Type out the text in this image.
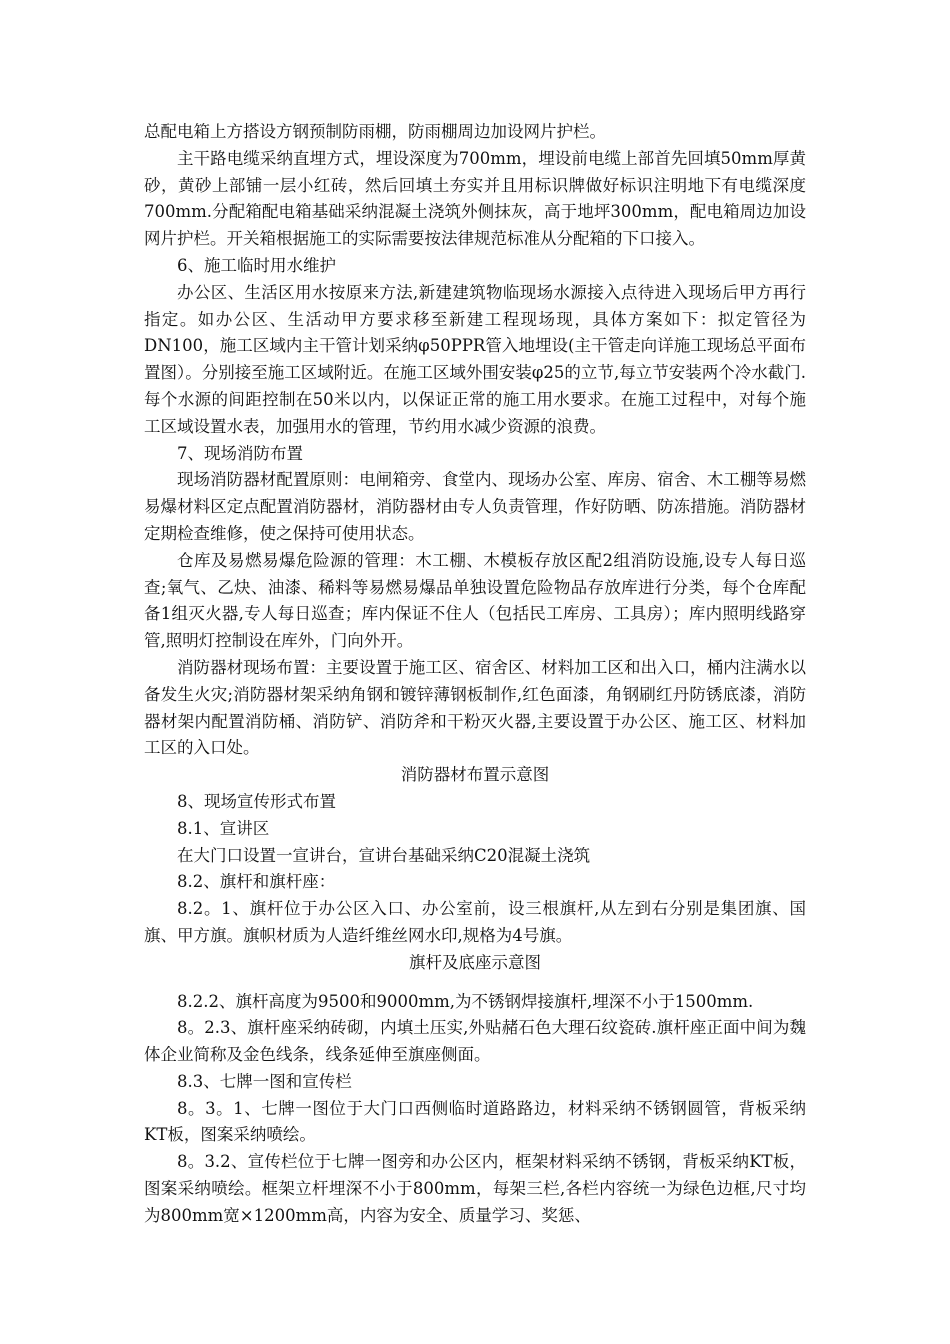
总配电箱上方搭设方钢预制防雨棚，防雨棚周边加设网片护栏。

主干路电缆采纳直埋方式，埋设深度为700mm，埋设前电缆上部首先回填50mm厚黄砂，黄砂上部铺一层小红砖，然后回填土夯实并且用标识牌做好标识注明地下有电缆深度700mm.分配箱配电箱基础采纳混凝土浇筑外侧抹灰，高于地坪300mm，配电箱周边加设网片护栏。开关箱根据施工的实际需要按法律规范标准从分配箱的下口接入。

6、施工临时用水维护

办公区、生活区用水按原来方法,新建建筑物临现场水源接入点待进入现场后甲方再行指定。如办公区、生活动甲方要求移至新建工程现场现，具体方案如下：拟定管径为DN100，施工区域内主干管计划采纳φ50PPR管入地埋设(主干管走向详施工现场总平面布置图）。分别接至施工区域附近。在施工区域外围安装φ25的立节,每立节安装两个冷水截门.每个水源的间距控制在50米以内，以保证正常的施工用水要求。在施工过程中，对每个施工区域设置水表，加强用水的管理，节约用水减少资源的浪费。

7、现场消防布置

现场消防器材配置原则：电闸箱旁、食堂内、现场办公室、库房、宿舍、木工棚等易燃易爆材料区定点配置消防器材，消防器材由专人负责管理，作好防晒、防冻措施。消防器材定期检查维修，使之保持可使用状态。

仓库及易燃易爆危险源的管理：木工棚、木模板存放区配2组消防设施,设专人每日巡查;氧气、乙炔、油漆、稀料等易燃易爆品单独设置危险物品存放库进行分类，每个仓库配备1组灭火器,专人每日巡查；库内保证不住人（包括民工库房、工具房）；库内照明线路穿管,照明灯控制设在库外，门向外开。

消防器材现场布置：主要设置于施工区、宿舍区、材料加工区和出入口，桶内注满水以备发生火灾;消防器材架采纳角钢和镀锌薄钢板制作,红色面漆，角钢刷红丹防锈底漆，消防器材架内配置消防桶、消防铲、消防斧和干粉灭火器,主要设置于办公区、施工区、材料加工区的入口处。

消防器材布置示意图

8、现场宣传形式布置

8.1、宣讲区

在大门口设置一宣讲台，宣讲台基础采纳C20混凝土浇筑

8.2、旗杆和旗杆座：

8.2。1、旗杆位于办公区入口、办公室前，设三根旗杆,从左到右分别是集团旗、国旗、甲方旗。旗帜材质为人造纤维丝网水印,规格为4号旗。

旗杆及底座示意图

8.2.2、旗杆高度为9500和9000mm,为不锈钢焊接旗杆,埋深不小于1500mm.

8。2.3、旗杆座采纳砖砌，内填土压实,外贴赭石色大理石纹瓷砖.旗杆座正面中间为魏体企业简称及金色线条，线条延伸至旗座侧面。

8.3、七牌一图和宣传栏

8。3。1、七牌一图位于大门口西侧临时道路路边，材料采纳不锈钢圆管，背板采纳KT板，图案采纳喷绘。

8。3.2、宣传栏位于七牌一图旁和办公区内，框架材料采纳不锈钢，背板采纳KT板，图案采纳喷绘。框架立杆埋深不小于800mm，每架三栏,各栏内容统一为绿色边框,尺寸均为800mm宽×1200mm高，内容为安全、质量学习、奖惩、
